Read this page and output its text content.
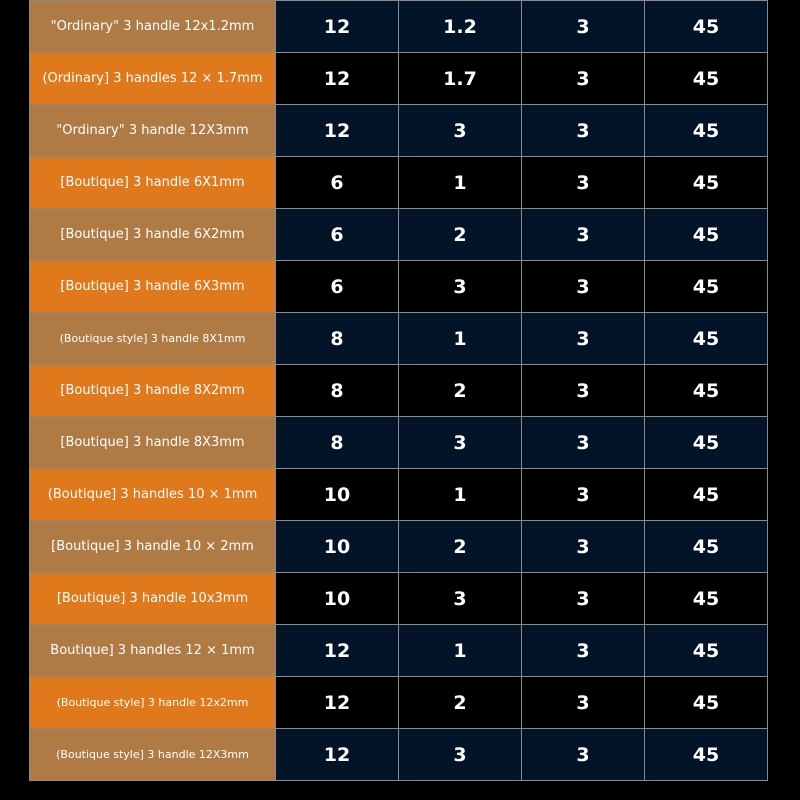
"Ordinary" 3 handle 12x1.2mm	12	1.2	3	45
(Ordinary] 3 handles 12 × 1.7mm	12	1.7	3	45
"Ordinary" 3 handle 12X3mm	12	3	3	45
[Boutique] 3 handle 6X1mm	6	1	3	45
[Boutique] 3 handle 6X2mm	6	2	3	45
[Boutique] 3 handle 6X3mm	6	3	3	45
(Boutique style] 3 handle 8X1mm	8	1	3	45
[Boutique] 3 handle 8X2mm	8	2	3	45
[Boutique] 3 handle 8X3mm	8	3	3	45
(Boutique] 3 handles 10 × 1mm	10	1	3	45
[Boutique] 3 handle 10 × 2mm	10	2	3	45
[Boutique] 3 handle 10x3mm	10	3	3	45
Boutique] 3 handles 12 × 1mm	12	1	3	45
(Boutique style] 3 handle 12x2mm	12	2	3	45
(Boutique style] 3 handle 12X3mm	12	3	3	45
